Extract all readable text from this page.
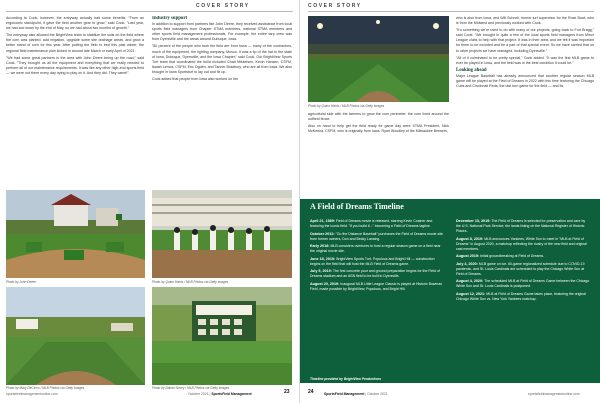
COVER STORY

According to Cook, however, the entryway actually had some benefits. "From an ergonomic standpoint, it gave the field another gear to grow," said Cook. "Last year, we had sod down by the end of May, so we had about two months of growth."

The entryway also allowed the BrightView team to stabilize the soils on the field where the corn was planted, add irrigation, upgrade some site drainage areas, and grow a better stand of corn for this year. After putting the field to bed this past winter, the regional field maintenance plan kicked in around late March or early April of 2021.

"We had some great partners in the area with John Deere being up the road," said Cook. "They brought us all the equipment and everything that we really needed to perform all of our maintenance requirements. It was like any other high-end sports field — we were out there every day trying to play on it. And they did. They came!"

Industry support

In addition to support from partners like John Deere, they received assistance from local sports field managers from Chapter STMA members, national STMA members and other sports field management professionals. For example, the entire tarp crew was from Dyersville and the areas around Dubuque, Iowa.

"80 percent of the people who took the field are from Iowa — many of the contractors, much of the equipment, the lighting company, Musco. It was a tip of the hat to the state of Iowa, Dubuque, Dyersville, and the Iowa Chapter," said Cook. Our BrightView Sports Turf team that coordinated the build included Chad Mikkelsen, Kevin Hansen, CSFM, Ikaiah Lemos, CSFM, Eric Ogden, and Tanner Bradbury, who are all from Iowa. We also brought in Iowa Sportsturf to lay out and fix up.

Cook added that people from Iowa also worked on the

Photo by John Deere	Photo by Quinn Harris / MLB Photos via Getty Images
Photo by Mary DeCicco / MLB Photos via Getty Images	Photo by Daniel Shirey / MLB Photos via Getty Images
sportsfieldmanagementonline.com	October 2021 | SportsField Management	23
COVER STORY
Photo by Quinn Harris / MLB Photos via Getty Images

agricultural side with the farmers to grow the corn perimeter, the corn lined around the outfield fence.

Also on hand to help get the field ready for game day were STMA President, Nick McKenna, CSFM, who is originally from Iowa, Ryan Woodley of the Milwaukee Brewers,

who is also from Iowa, and Will Schnell, former turf supervisor for the Rose Bowl, who is from the Midwest and previously worked with Cook.

"It's something we're used to do with many of our projects, going back to Fort Bragg," said Cook. "We brought in quite a few of the local sports field managers from Minor League clubs to help with that project. It was in their area, and we felt it was important for them to be included and be a part of that special event. So we have carried that on to other projects we have managed, including Dyersville."

"All of it culminated to be pretty special," Cook added. "It was the first MLB game to ever be played in Iowa, and the field was in the best condition it could be."

Looking ahead

Major League Baseball has already announced that another regular season MLB game will be played at the Field of Dreams in 2022 with this time featuring the Chicago Cubs and Cincinnati Reds; the last turn game for the field — and its

A Field of Dreams Timeline

April 21, 1989: Field of Dreams movie is released, starring Kevin Costner and featuring the iconic field. "If you build it..." becoming a Field of Dreams tagline.

October 2012: "Go the Distance Baseball" purchases the Field of Dreams movie site from former owners, Don and Becky Lansing.

Early 2018: MLB considers overtures to host a regular season game on a field near the original movie site.

June 18, 2019: BrightView Sports Turf, Populous and Bright Hill — construction begins on the field that will host the MLB Field of Dreams game.

July 5, 2019: The first concrete pour and ground preparation begins for the Field of Dreams stadium and an ASN field to be built in Dyersville.

August 20, 2019: Inaugural MLB Little League Classic is played at Historic Bowman Field, made possible by BrightView, Populous, and Bright Hill.

December 13, 2019: The Field of Dreams is selected for preservation and care by the U.S. National Park Service; the lands listing on the National Register of Historic Places.

August 8, 2019: MLB announces Yankees, White Sox to meet in "MLB at Field of Dreams" in August 2020, a matchup reflecting the rivalry of the new field and original cast members.

August 2019: Initial groundbreaking at Field of Dreams.

July 4, 2020: MLB game on ice. 60-game regionalized schedule due to COVID-19 pandemic, and St. Louis Cardinals are scheduled to play the Chicago White Sox at Field of Dreams.

August 4, 2020: The scheduled MLB at Field of Dreams Game between the Chicago White Sox and St. Louis Cardinals is postponed.

August 12, 2021: MLB at Field of Dreams Game takes place, featuring the original Chicago White Sox vs. New York Yankees matchup.

Timeline provided by BrightView Productions
24	SportsField Management | October 2021	sportsfieldmanagementonline.com
